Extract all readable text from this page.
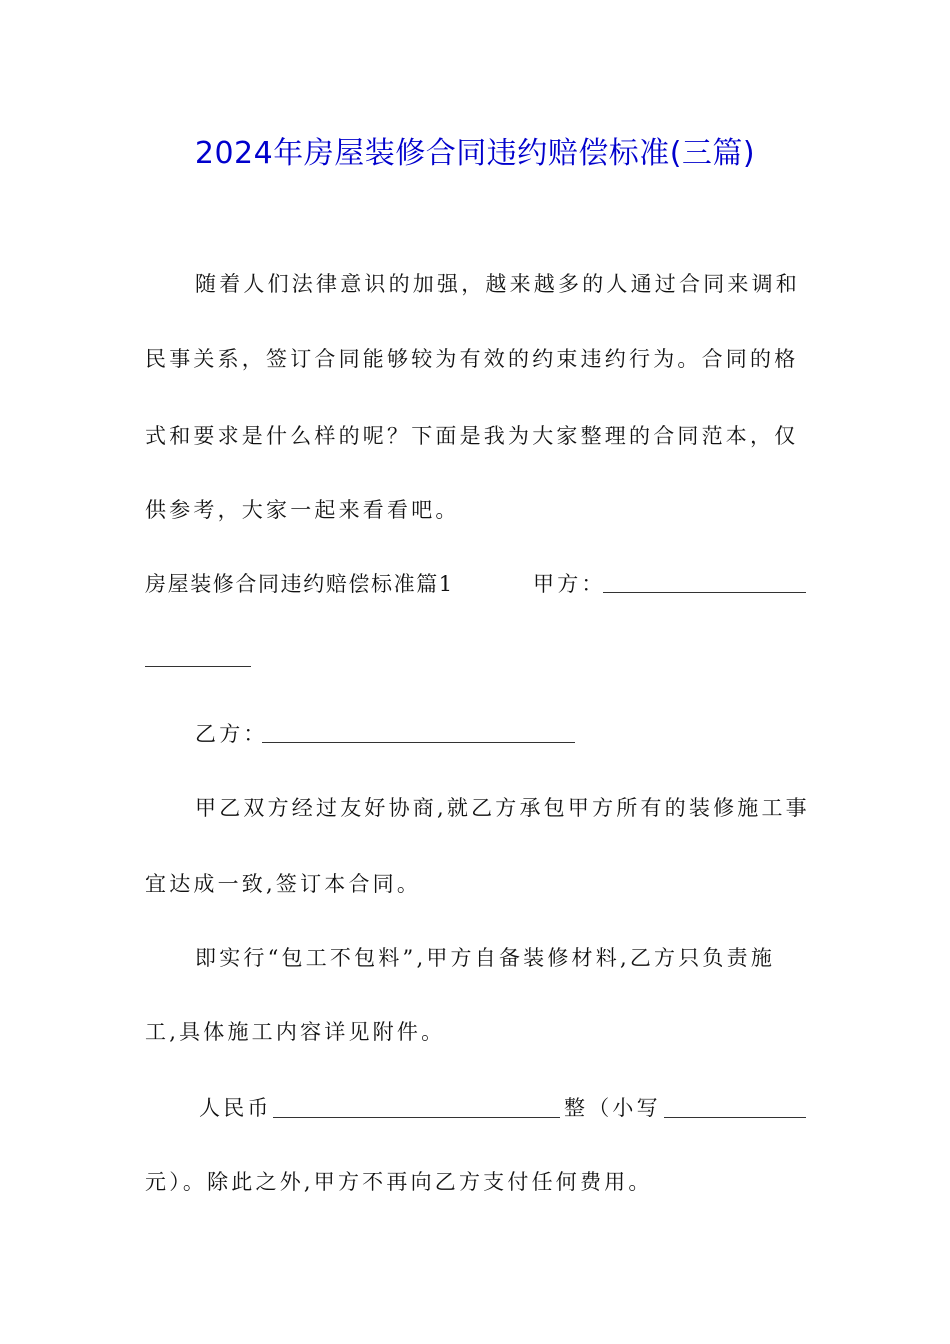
2024年房屋装修合同违约赔偿标准(三篇)
随着人们法律意识的加强，越来越多的人通过合同来调和
民事关系，签订合同能够较为有效的约束违约行为。合同的格
式和要求是什么样的呢？下面是我为大家整理的合同范本，仅
供参考，大家一起来看看吧。
房屋装修合同违约赔偿标准篇1	甲方：
乙方：
甲乙双方经过友好协商,就乙方承包甲方所有的装修施工事
宜达成一致,签订本合同。
即实行“包工不包料”,甲方自备装修材料,乙方只负责施
工,具体施工内容详见附件。
人民币	整（小写
元）。除此之外,甲方不再向乙方支付任何费用。
